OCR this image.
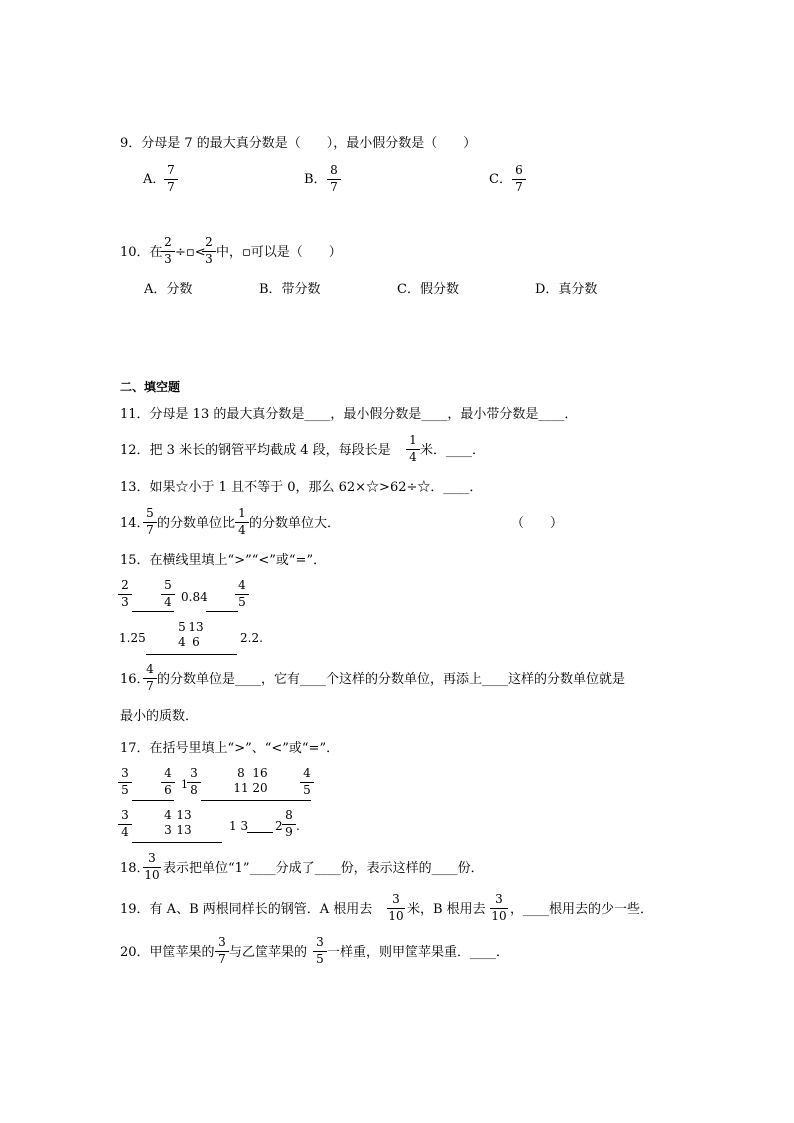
9．分母是 7 的最大真分数是（　　），最小假分数是（　　）
A．
7
7	B．
8
7	C．
6
7
10．在
2
3 ÷▫<
2
3 中，▫可以是（　　）
A．分数	B．带分数	C．假分数	D．真分数
二、填空题
11．分母是 13 的最大真分数是____，最小假分数是____，最小带分数是____．
12．把 3 米长的钢管平均截成 4 段，每段长是
1
4 米．____．
13．如果☆小于 1 且不等于 0，那么 62×☆>62÷☆．____．
14．
5
7 的分数单位比
1
4 的分数单位大．	（　　）
15．在横线里填上“>”“<”或“=”．
2
3
5
4 0.84
4
5
1.25
5
4
13
6	2.2.
16．
4
7 的分数单位是____，它有____个这样的分数单位，再添上____这样的分数单位就是
最小的质数．
17．在括号里填上“>”、“<”或“=”．
3
5
4
6 1
3
8
8
11
16
20
4
5
3
4
4
3
13
13	1 3 2
8
9 .
18．
3
10 表示把单位“1”____分成了____份，表示这样的____份．
19．有 A、B 两根同样长的钢管．A 根用去
3
10 米，B 根用去
3
10 ，____根用去的少一些．
20．甲筐苹果的
3
7 与乙筐苹果的
3
5 一样重，则甲筐苹果重．____．
